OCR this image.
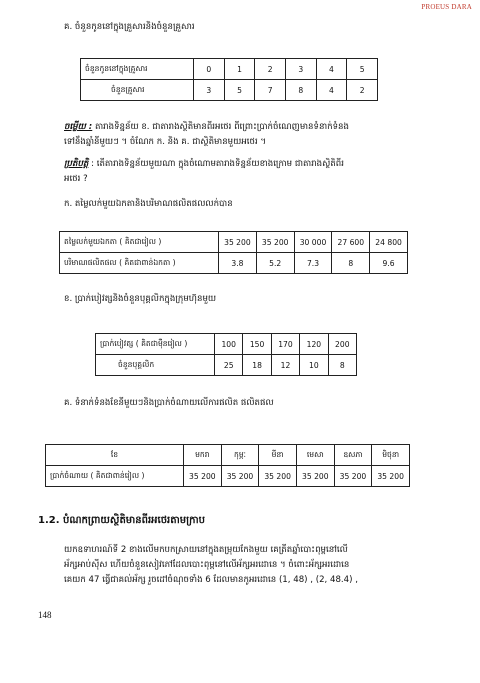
PROEUS DARA
គ. ចំនួនកូននៅក្នុងគ្រួសារនិងចំនួនគ្រួសារ
ចំនួនកូននៅក្នុងគ្រួសារ	0	1	2	3	4	5
ចំនួនគ្រួសារ	3	5	7	8	4	2
ចម្លើយ : តារាងទិន្នន័យ ខ. ជាតារាងស្ថិតិមានពីរអថេរ ពីព្រោះប្រាក់ចំណេញមានទំនាក់ទំនង
ទៅនឹងឆ្នាំនីមួយៗ ។ ចំណែក ក. និង គ. ជាស្ថិតិមានមួយអថេរ ។
ប្រតិបត្តិ : តើតារាងទិន្នន័យមួយណា ក្នុងចំណោមតារាងទិន្នន័យខាងក្រោម ជាតារាងស្ថិតិពីរ
អថេរ ?
ក. តម្លៃលក់មួយឯកតានិងបរិមាណផលិតផលលក់បាន
តម្លៃលក់មួយឯកតា ( គិតជារៀល )	35 200	35 200	30 000	27 600	24 800
បរិមាណផលិតផល ( គិតជាពាន់ឯកតា )	3.8	5.2	7.3	8	9.6
ខ. ប្រាក់បៀវត្សនិងចំនួនបុគ្គលិកក្នុងក្រុមហ៊ុនមួយ
ប្រាក់បៀវត្ស ( គិតជាម៉ឺនរៀល )	100	150	170	120	200
ចំនួនបុគ្គលិក	25	18	12	10	8
គ. ទំនាក់ទំនងខែនីមួយៗនិងប្រាក់ចំណាយលើការផលិត ផលិតផល
ខែ	មករា	កុម្ភៈ	មីនា	មេសា	ឧសភា	មិថុនា
ប្រាក់ចំណាយ ( គិតជាពាន់រៀល )	35 200	35 200	35 200	35 200	35 200	35 200
1.2. បំណកព្រាយស្ថិតិមានពីរអថេរតាមក្រាប
យកឧទាហរណ៍ទី 2 ខាងលើមកបកស្រាយនៅក្នុងតម្រុយកែងមួយ គេត្រីតឆ្នាំបោះពុម្ពនៅលើ
អ័ក្សអាប់ស៊ីស ហើយចំនួនសៀវភៅដែលបោះពុម្ពនៅលើអ័ក្សអរដោនេ ។ ចំពោះអ័ក្សអរដោនេ
គេយក 47 ធ្វើជាគល់អ័ក្ស រួចដៅចំណុចទាំង 6 ដែលមានកូអរដោនេ (1, 48) , (2, 48.4) ,
148
